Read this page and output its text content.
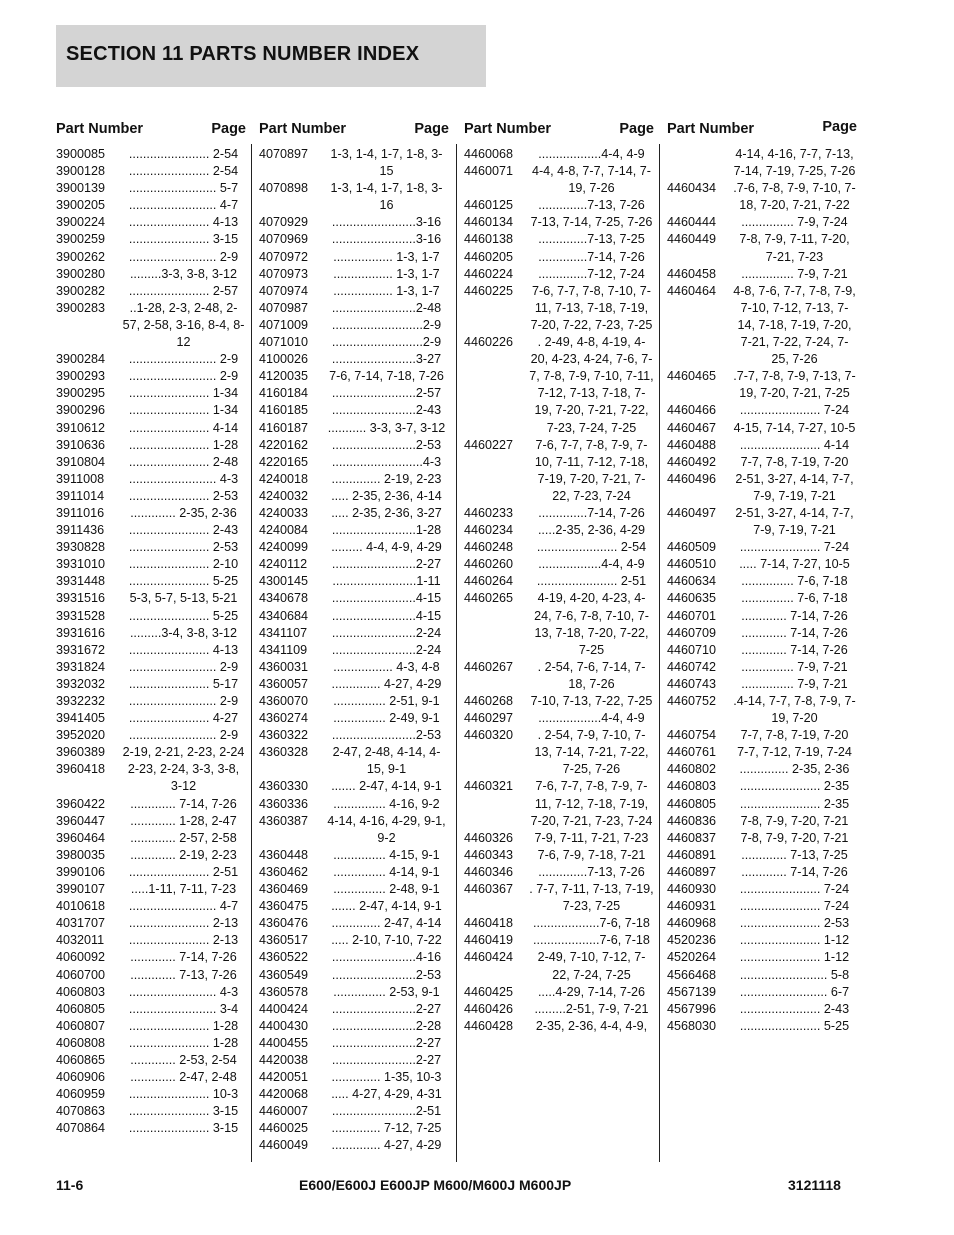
SECTION 11 PARTS NUMBER INDEX
Part Number	Page
3900085	....................... 2-54
3900128	....................... 2-54
3900139	......................... 5-7
3900205	......................... 4-7
3900224	....................... 4-13
3900259	....................... 3-15
3900262	......................... 2-9
3900280	.........3-3, 3-8, 3-12
3900282	....................... 2-57
3900283	..1-28, 2-3, 2-48, 2-57, 2-58, 3-16, 8-4, 8-12
3900284	......................... 2-9
3900293	......................... 2-9
3900295	....................... 1-34
3900296	....................... 1-34
3910612	....................... 4-14
3910636	....................... 1-28
3910804	....................... 2-48
3911008	......................... 4-3
3911014	....................... 2-53
3911016	............. 2-35, 2-36
3911436	....................... 2-43
3930828	....................... 2-53
3931010	....................... 2-10
3931448	....................... 5-25
3931516	5-3, 5-7, 5-13, 5-21
3931528	....................... 5-25
3931616	.........3-4, 3-8, 3-12
3931672	....................... 4-13
3931824	......................... 2-9
3932032	....................... 5-17
3932232	......................... 2-9
3941405	....................... 4-27
3952020	......................... 2-9
3960389	2-19, 2-21, 2-23, 2-24
3960418	2-23, 2-24, 3-3, 3-8, 3-12
3960422	............. 7-14, 7-26
3960447	............. 1-28, 2-47
3960464	............. 2-57, 2-58
3980035	............. 2-19, 2-23
3990106	....................... 2-51
3990107	.....1-11, 7-11, 7-23
4010618	......................... 4-7
4031707	....................... 2-13
4032011	....................... 2-13
4060092	............. 7-14, 7-26
4060700	............. 7-13, 7-26
4060803	......................... 4-3
4060805	......................... 3-4
4060807	....................... 1-28
4060808	....................... 1-28
4060865	............. 2-53, 2-54
4060906	............. 2-47, 2-48
4060959	....................... 10-3
4070863	....................... 3-15
4070864	....................... 3-15
Part Number	Page
4070897	1-3, 1-4, 1-7, 1-8, 3-15
4070898	1-3, 1-4, 1-7, 1-8, 3-16
4070929	........................3-16
4070969	........................3-16
4070972	................. 1-3, 1-7
4070973	................. 1-3, 1-7
4070974	................. 1-3, 1-7
4070987	........................2-48
4071009	..........................2-9
4071010	..........................2-9
4100026	........................3-27
4120035	7-6, 7-14, 7-18, 7-26
4160184	........................2-57
4160185	........................2-43
4160187	........... 3-3, 3-7, 3-12
4220162	........................2-53
4220165	..........................4-3
4240018	.............. 2-19, 2-23
4240032	..... 2-35, 2-36, 4-14
4240033	..... 2-35, 2-36, 3-27
4240084	........................1-28
4240099	......... 4-4, 4-9, 4-29
4240112	........................2-27
4300145	........................1-11
4340678	........................4-15
4340684	........................4-15
4341107	........................2-24
4341109	........................2-24
4360031	................. 4-3, 4-8
4360057	.............. 4-27, 4-29
4360070	............... 2-51, 9-1
4360274	............... 2-49, 9-1
4360322	........................2-53
4360328	2-47, 2-48, 4-14, 4-15, 9-1
4360330	....... 2-47, 4-14, 9-1
4360336	............... 4-16, 9-2
4360387	4-14, 4-16, 4-29, 9-1, 9-2
4360448	............... 4-15, 9-1
4360462	............... 4-14, 9-1
4360469	............... 2-48, 9-1
4360475	....... 2-47, 4-14, 9-1
4360476	.............. 2-47, 4-14
4360517	..... 2-10, 7-10, 7-22
4360522	........................4-16
4360549	........................2-53
4360578	............... 2-53, 9-1
4400424	........................2-27
4400430	........................2-28
4400455	........................2-27
4420038	........................2-27
4420051	.............. 1-35, 10-3
4420068	..... 4-27, 4-29, 4-31
4460007	........................2-51
4460025	.............. 7-12, 7-25
4460049	.............. 4-27, 4-29
Part Number	Page
4460068	..................4-4, 4-9
4460071	4-4, 4-8, 7-7, 7-14, 7-19, 7-26
4460125	..............7-13, 7-26
4460134	7-13, 7-14, 7-25, 7-26
4460138	..............7-13, 7-25
4460205	..............7-14, 7-26
4460224	..............7-12, 7-24
4460225	7-6, 7-7, 7-8, 7-10, 7-11, 7-13, 7-18, 7-19, 7-20, 7-22, 7-23, 7-25
4460226	. 2-49, 4-8, 4-19, 4-20, 4-23, 4-24, 7-6, 7-7, 7-8, 7-9, 7-10, 7-11, 7-12, 7-13, 7-18, 7-19, 7-20, 7-21, 7-22, 7-23, 7-24, 7-25
4460227	7-6, 7-7, 7-8, 7-9, 7-10, 7-11, 7-12, 7-18, 7-19, 7-20, 7-21, 7-22, 7-23, 7-24
4460233	..............7-14, 7-26
4460234	.....2-35, 2-36, 4-29
4460248	....................... 2-54
4460260	..................4-4, 4-9
4460264	....................... 2-51
4460265	4-19, 4-20, 4-23, 4-24, 7-6, 7-8, 7-10, 7-13, 7-18, 7-20, 7-22, 7-25
4460267	. 2-54, 7-6, 7-14, 7-18, 7-26
4460268	7-10, 7-13, 7-22, 7-25
4460297	..................4-4, 4-9
4460320	. 2-54, 7-9, 7-10, 7-13, 7-14, 7-21, 7-22, 7-25, 7-26
4460321	7-6, 7-7, 7-8, 7-9, 7-11, 7-12, 7-18, 7-19, 7-20, 7-21, 7-23, 7-24
4460326	7-9, 7-11, 7-21, 7-23
4460343	7-6, 7-9, 7-18, 7-21
4460346	..............7-13, 7-26
4460367	. 7-7, 7-11, 7-13, 7-19, 7-23, 7-25
4460418	...................7-6, 7-18
4460419	...................7-6, 7-18
4460424	2-49, 7-10, 7-12, 7-22, 7-24, 7-25
4460425	.....4-29, 7-14, 7-26
4460426	.........2-51, 7-9, 7-21
4460428	2-35, 2-36, 4-4, 4-9,
Part Number	Page
4-14, 4-16, 7-7, 7-13, 7-14, 7-19, 7-25, 7-26
4460434	.7-6, 7-8, 7-9, 7-10, 7-18, 7-20, 7-21, 7-22
4460444	............... 7-9, 7-24
4460449	7-8, 7-9, 7-11, 7-20, 7-21, 7-23
4460458	............... 7-9, 7-21
4460464	4-8, 7-6, 7-7, 7-8, 7-9, 7-10, 7-12, 7-13, 7-14, 7-18, 7-19, 7-20, 7-21, 7-22, 7-24, 7-25, 7-26
4460465	.7-7, 7-8, 7-9, 7-13, 7-19, 7-20, 7-21, 7-25
4460466	....................... 7-24
4460467	4-15, 7-14, 7-27, 10-5
4460488	....................... 4-14
4460492	7-7, 7-8, 7-19, 7-20
4460496	2-51, 3-27, 4-14, 7-7, 7-9, 7-19, 7-21
4460497	2-51, 3-27, 4-14, 7-7, 7-9, 7-19, 7-21
4460509	....................... 7-24
4460510	..... 7-14, 7-27, 10-5
4460634	............... 7-6, 7-18
4460635	............... 7-6, 7-18
4460701	............. 7-14, 7-26
4460709	............. 7-14, 7-26
4460710	............. 7-14, 7-26
4460742	............... 7-9, 7-21
4460743	............... 7-9, 7-21
4460752	.4-14, 7-7, 7-8, 7-9, 7-19, 7-20
4460754	7-7, 7-8, 7-19, 7-20
4460761	7-7, 7-12, 7-19, 7-24
4460802	.............. 2-35, 2-36
4460803	....................... 2-35
4460805	....................... 2-35
4460836	7-8, 7-9, 7-20, 7-21
4460837	7-8, 7-9, 7-20, 7-21
4460891	............. 7-13, 7-25
4460897	............. 7-14, 7-26
4460930	....................... 7-24
4460931	....................... 7-24
4460968	....................... 2-53
4520236	....................... 1-12
4520264	....................... 1-12
4566468	......................... 5-8
4567139	......................... 6-7
4567996	....................... 2-43
4568030	....................... 5-25
11-6	E600/E600J E600JP M600/M600J M600JP	3121118
